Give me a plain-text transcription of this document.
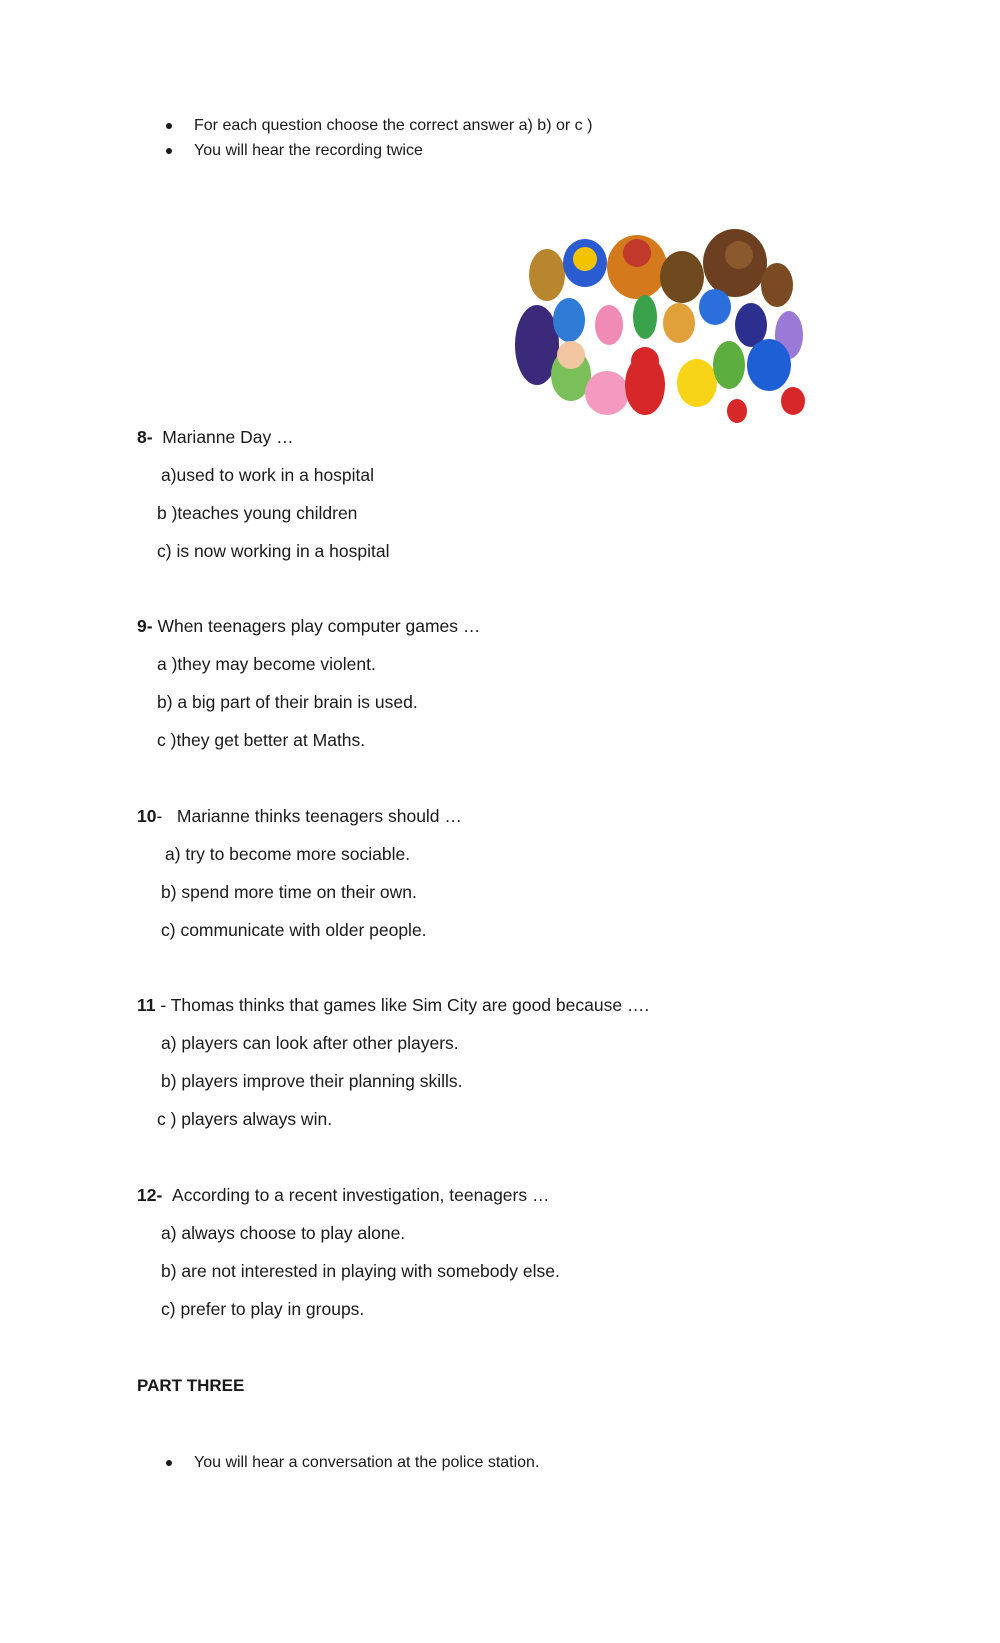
For each question choose the correct answer a) b) or c )
You will hear the recording twice
8- Marianne Day …
a)used to work in a hospital
b )teaches young children
c) is now working in a hospital
9- When teenagers play computer games …
a )they may become violent.
b) a big part of their brain is used.
c )they get better at Maths.
10-   Marianne thinks teenagers should …
a) try to become more sociable.
b) spend more time on their own.
c) communicate with older people.
11 - Thomas thinks that games like Sim City are good because ….
a) players can look after other players.
b) players improve their planning skills.
c ) players always win.
12- According to a recent investigation, teenagers …
a) always choose to play alone.
b) are not interested in playing with somebody else.
c) prefer to play in groups.
PART THREE
You will hear a conversation at the police station.
